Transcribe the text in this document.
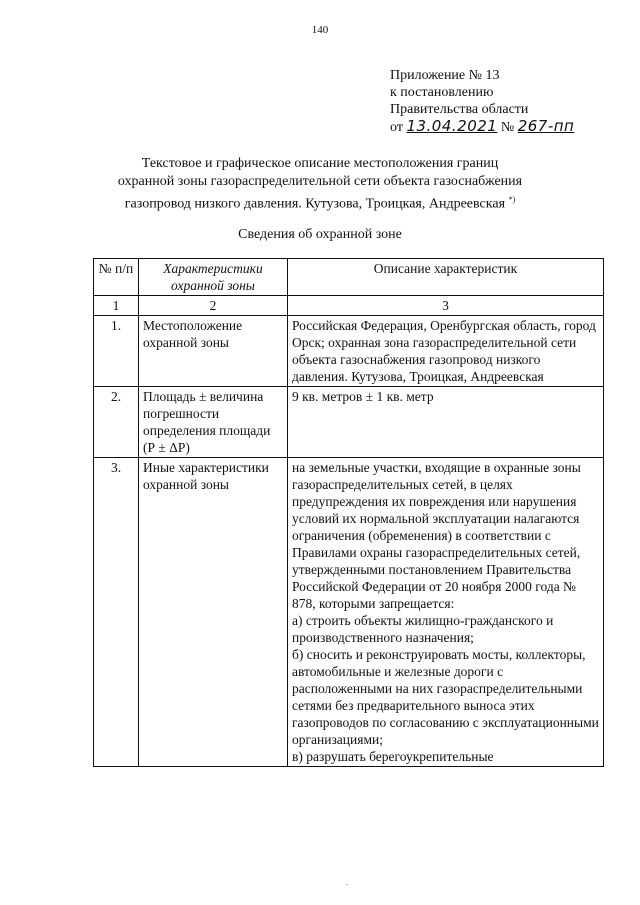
140
Приложение № 13
к постановлению
Правительства области
от 13.04.2021 № 267-пп
Текстовое и графическое описание местоположения границ
охранной зоны газораспределительной сети объекта газоснабжения
газопровод низкого давления. Кутузова, Троицкая, Андреевская *)
Сведения об охранной зоне
№ п/п	Характеристики охранной зоны	Описание характеристик
1	2	3
1.	Местоположение охранной зоны	Российская Федерация, Оренбургская область, город Орск; охранная зона газораспределительной сети объекта газоснабжения газопровод низкого давления. Кутузова, Троицкая, Андреевская
2.	Площадь ± величина погрешности определения площади (Р ± ΔР)	9 кв. метров ± 1 кв. метр
3.	Иные характеристики охранной зоны	на земельные участки, входящие в охранные зоны газораспределительных сетей, в целях предупреждения их повреждения или нарушения условий их нормальной эксплуатации налагаются ограничения (обременения) в соответствии с Правилами охраны газораспределительных сетей, утвержденными постановлением Правительства Российской Федерации от 20 ноября 2000 года № 878, которыми запрещается:
а) строить объекты жилищно-гражданского и производственного назначения;
б) сносить и реконструировать мосты, коллекторы, автомобильные и железные дороги с расположенными на них газораспределительными сетями без предварительного выноса этих газопроводов по согласованию с эксплуатационными организациями;
в) разрушать берегоукрепительные
.
